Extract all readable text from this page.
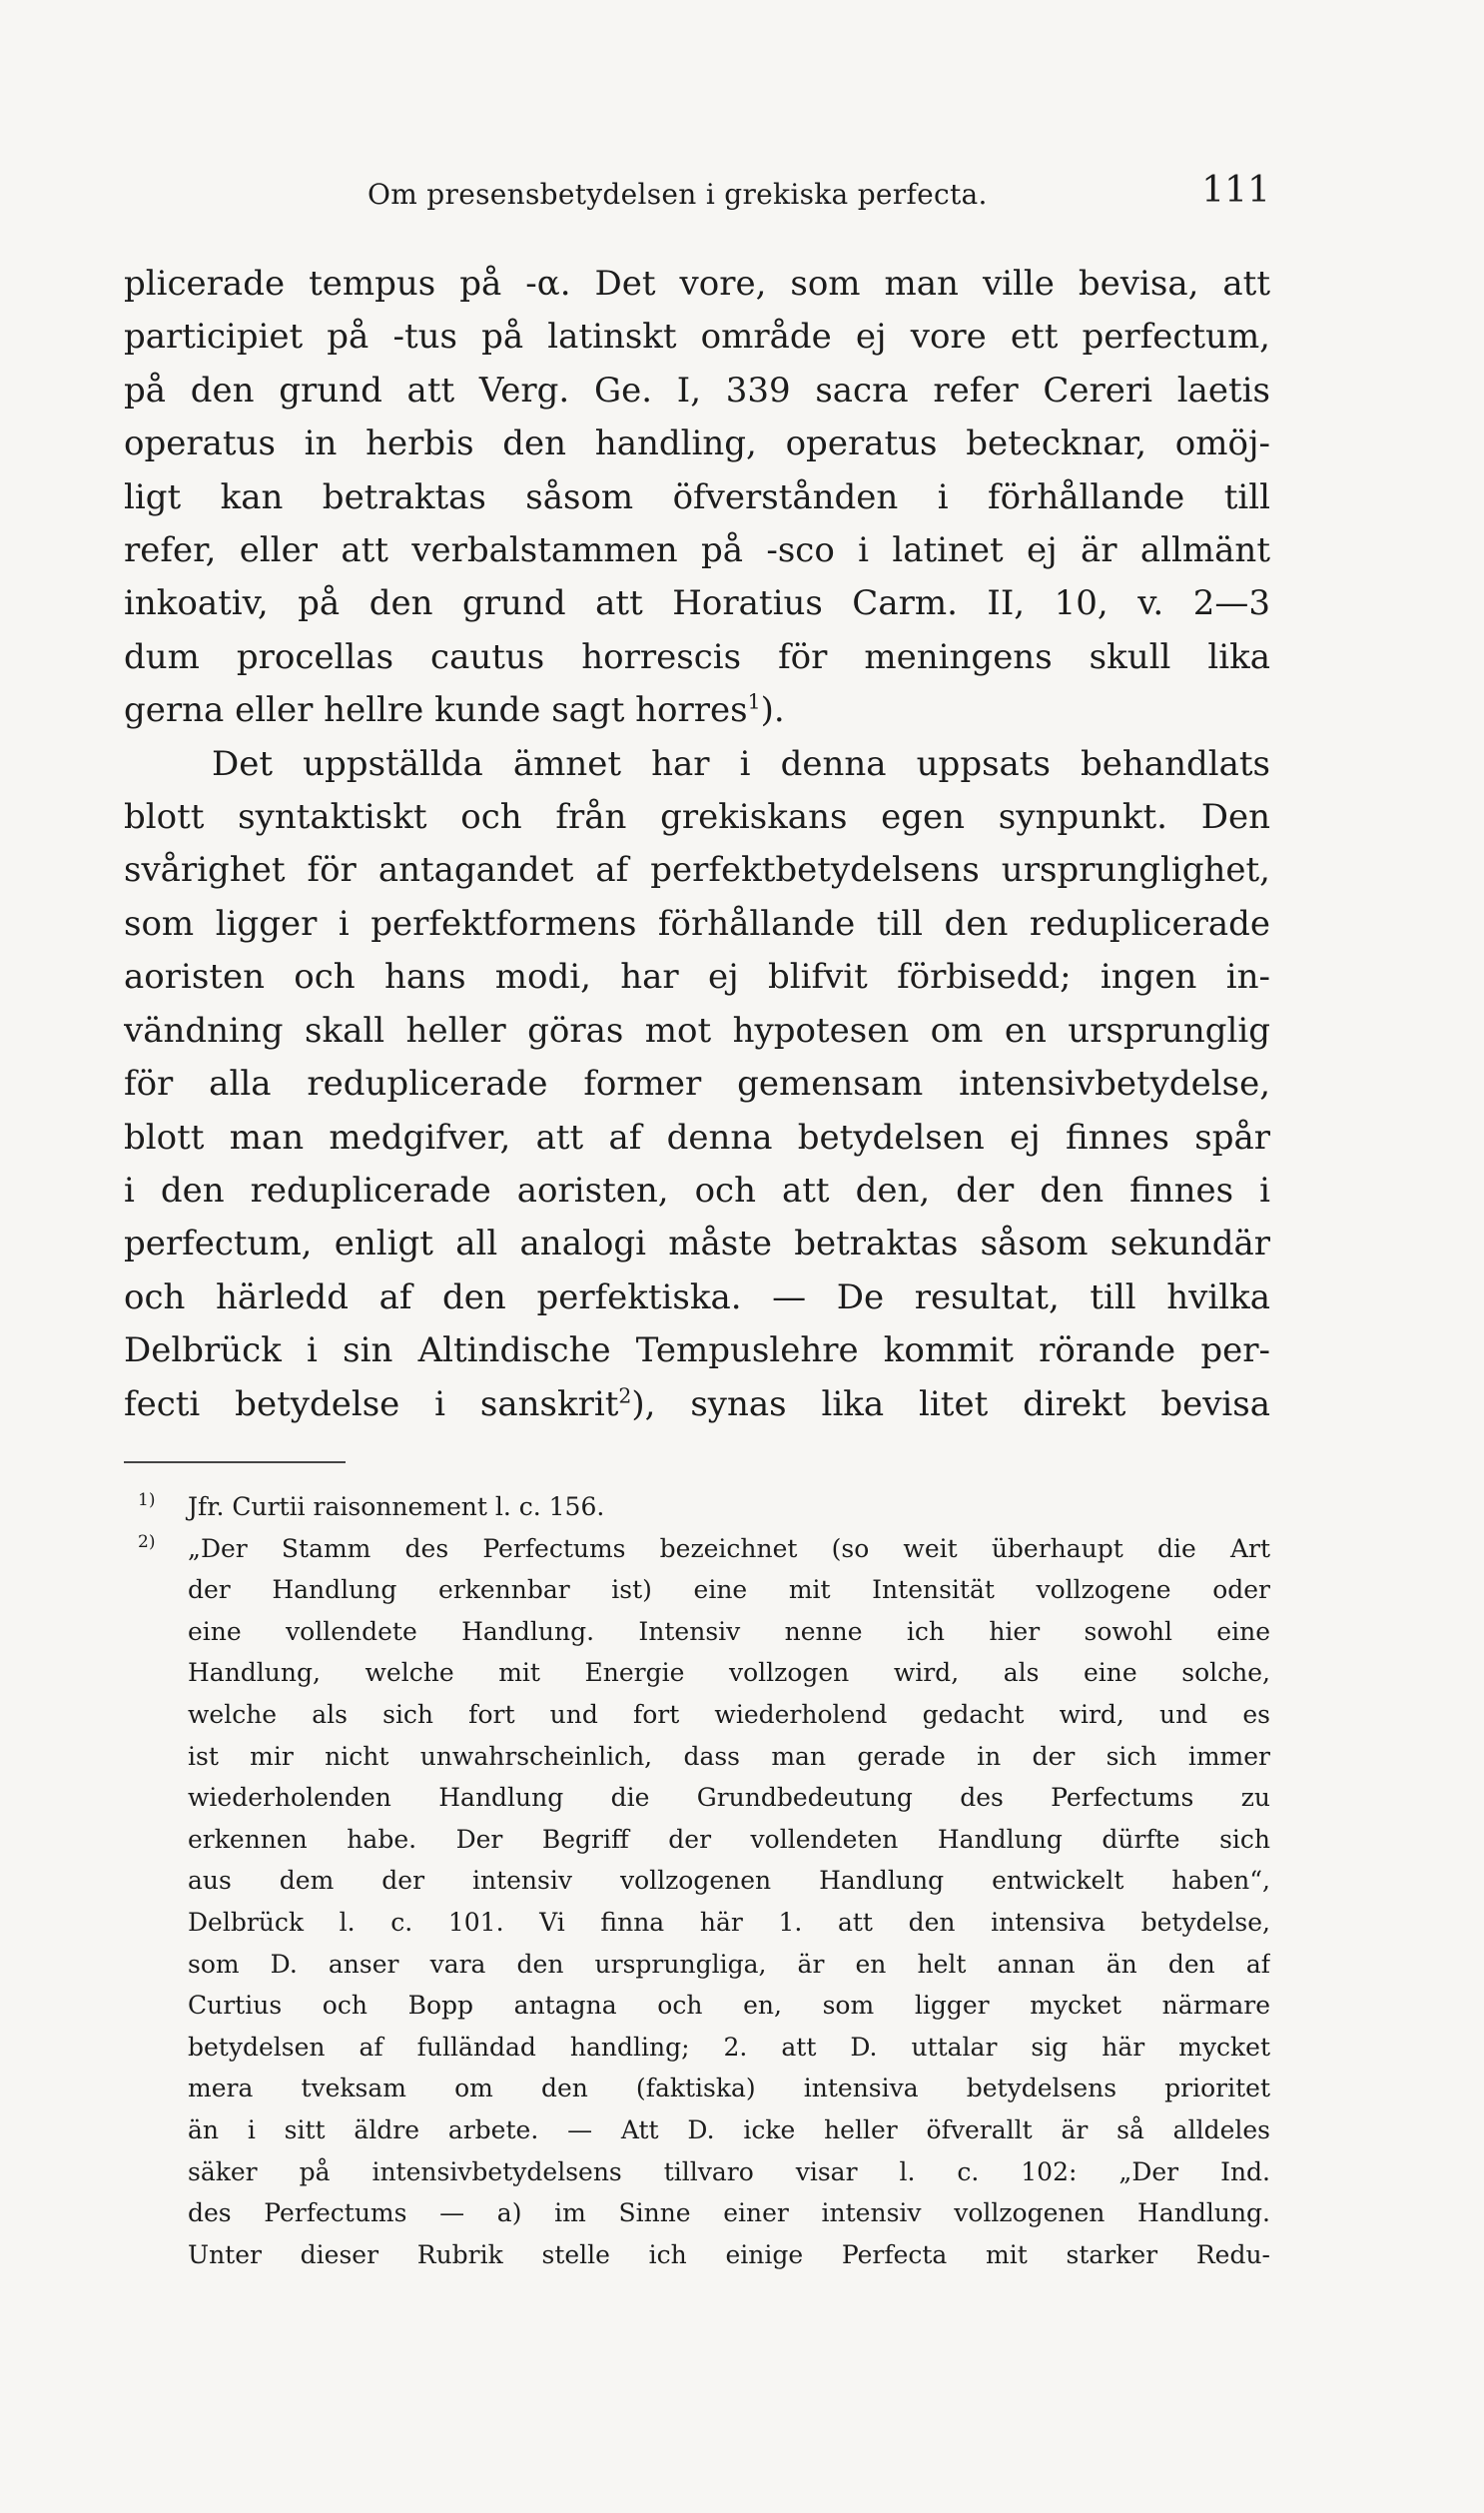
Om presensbetydelsen i grekiska perfecta.	111
plicerade tempus på -α. Det vore, som man ville bevisa, att
participiet på -tus på latinskt område ej vore ett perfectum,
på den grund att Verg. Ge. I, 339 sacra refer Cereri laetis
operatus in herbis den handling, operatus betecknar, omöj-
ligt kan betraktas såsom öfverstånden i förhållande till
refer, eller att verbalstammen på -sco i latinet ej är allmänt
inkoativ, på den grund att Horatius Carm. II, 10, v. 2—3
dum procellas cautus horrescis för meningens skull lika
gerna eller hellre kunde sagt horres$^1$).
Det uppställda ämnet har i denna uppsats behandlats
blott syntaktiskt och från grekiskans egen synpunkt. Den
svårighet för antagandet af perfektbetydelsens ursprunglighet,
som ligger i perfektformens förhållande till den reduplicerade
aoristen och hans modi, har ej blifvit förbisedd; ingen in-
vändning skall heller göras mot hypotesen om en ursprunglig
för alla reduplicerade former gemensam intensivbetydelse,
blott man medgifver, att af denna betydelsen ej finnes spår
i den reduplicerade aoristen, och att den, der den finnes i
perfectum, enligt all analogi måste betraktas såsom sekundär
och härledd af den perfektiska. — De resultat, till hvilka
Delbrück i sin Altindische Tempuslehre kommit rörande per-
fecti betydelse i sanskrit$^2$), synas lika litet direkt bevisa
1) Jfr. Curtii raisonnement l. c. 156.
2) „Der Stamm des Perfectums bezeichnet (so weit überhaupt die Art
der Handlung erkennbar ist) eine mit Intensität vollzogene oder
eine vollendete Handlung. Intensiv nenne ich hier sowohl eine
Handlung, welche mit Energie vollzogen wird, als eine solche,
welche als sich fort und fort wiederholend gedacht wird, und es
ist mir nicht unwahrscheinlich, dass man gerade in der sich immer
wiederholenden Handlung die Grundbedeutung des Perfectums zu
erkennen habe. Der Begriff der vollendeten Handlung dürfte sich
aus dem der intensiv vollzogenen Handlung entwickelt haben“,
Delbrück l. c. 101. Vi finna här 1. att den intensiva betydelse,
som D. anser vara den ursprungliga, är en helt annan än den af
Curtius och Bopp antagna och en, som ligger mycket närmare
betydelsen af fulländad handling; 2. att D. uttalar sig här mycket
mera tveksam om den (faktiska) intensiva betydelsens prioritet
än i sitt äldre arbete. — Att D. icke heller öfverallt är så alldeles
säker på intensivbetydelsens tillvaro visar l. c. 102: „Der Ind.
des Perfectums — a) im Sinne einer intensiv vollzogenen Handlung.
Unter dieser Rubrik stelle ich einige Perfecta mit starker Redu-
